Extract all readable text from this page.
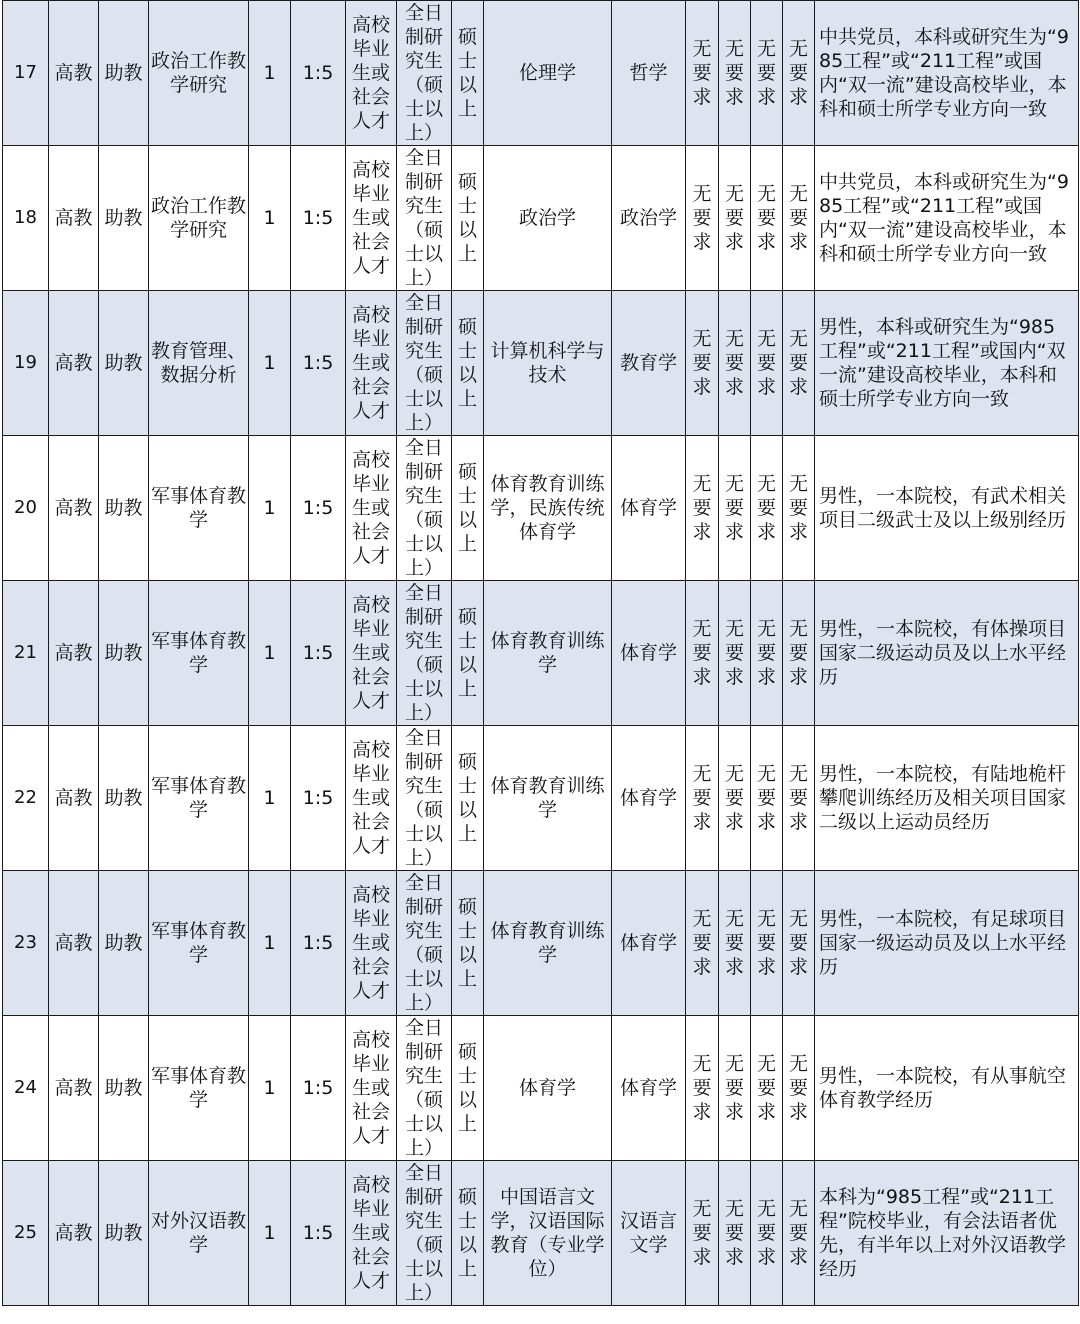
17	高教	助教	政治工作教学研究	1	1:5	高校毕业生或社会人才	全日制研究生（硕士以上）	硕士以上	伦理学	哲学	无要求	无要求	无要求	无要求	中共党员，本科或研究生为“985工程”或“211工程”或国内“双一流”建设高校毕业，本科和硕士所学专业方向一致
18	高教	助教	政治工作教学研究	1	1:5	高校毕业生或社会人才	全日制研究生（硕士以上）	硕士以上	政治学	政治学	无要求	无要求	无要求	无要求	中共党员，本科或研究生为“985工程”或“211工程”或国内“双一流”建设高校毕业，本科和硕士所学专业方向一致
19	高教	助教	教育管理、数据分析	1	1:5	高校毕业生或社会人才	全日制研究生（硕士以上）	硕士以上	计算机科学与技术	教育学	无要求	无要求	无要求	无要求	男性，本科或研究生为“985工程”或“211工程”或国内“双一流”建设高校毕业，本科和硕士所学专业方向一致
20	高教	助教	军事体育教学	1	1:5	高校毕业生或社会人才	全日制研究生（硕士以上）	硕士以上	体育教育训练学，民族传统体育学	体育学	无要求	无要求	无要求	无要求	男性，一本院校，有武术相关项目二级武士及以上级别经历
21	高教	助教	军事体育教学	1	1:5	高校毕业生或社会人才	全日制研究生（硕士以上）	硕士以上	体育教育训练学	体育学	无要求	无要求	无要求	无要求	男性，一本院校，有体操项目国家二级运动员及以上水平经历
22	高教	助教	军事体育教学	1	1:5	高校毕业生或社会人才	全日制研究生（硕士以上）	硕士以上	体育教育训练学	体育学	无要求	无要求	无要求	无要求	男性，一本院校，有陆地桅杆攀爬训练经历及相关项目国家二级以上运动员经历
23	高教	助教	军事体育教学	1	1:5	高校毕业生或社会人才	全日制研究生（硕士以上）	硕士以上	体育教育训练学	体育学	无要求	无要求	无要求	无要求	男性，一本院校，有足球项目国家一级运动员及以上水平经历
24	高教	助教	军事体育教学	1	1:5	高校毕业生或社会人才	全日制研究生（硕士以上）	硕士以上	体育学	体育学	无要求	无要求	无要求	无要求	男性，一本院校，有从事航空体育教学经历
25	高教	助教	对外汉语教学	1	1:5	高校毕业生或社会人才	全日制研究生（硕士以上）	硕士以上	中国语言文学，汉语国际教育（专业学位）	汉语言文学	无要求	无要求	无要求	无要求	本科为“985工程”或“211工程”院校毕业，有会法语者优先，有半年以上对外汉语教学经历
